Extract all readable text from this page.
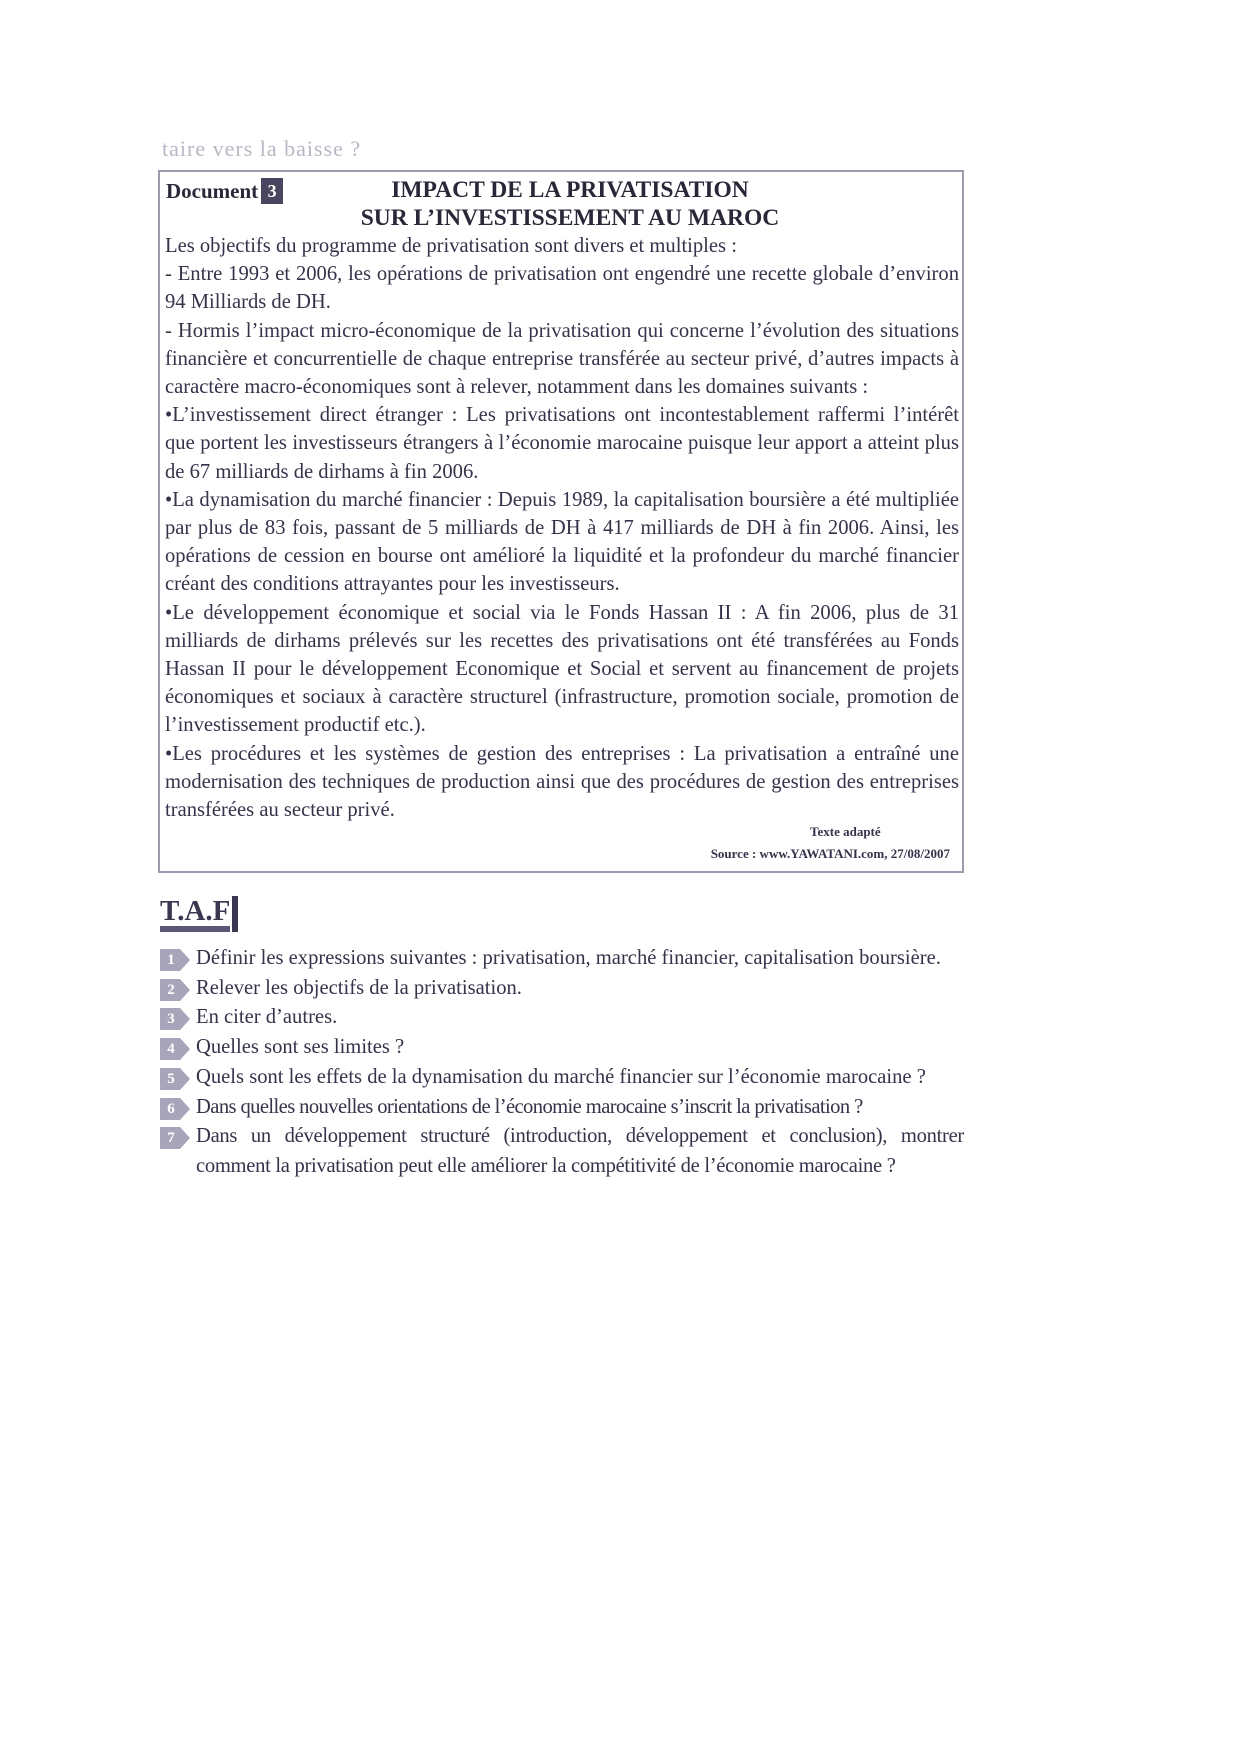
taire vers la baisse ?
Document 3	IMPACT DE LA PRIVATISATION
SUR L’INVESTISSEMENT AU MAROC

Les objectifs du programme de privatisation sont divers et multiples :

- Entre 1993 et 2006, les opérations de privatisation ont engendré une recette globale d’environ 94 Milliards de DH.

- Hormis l’impact micro-économique de la privatisation qui concerne l’évolution des situations financière et concurrentielle de chaque entreprise transférée au secteur privé, d’autres impacts à caractère macro-économiques sont à relever, notamment dans les domaines suivants :

•L’investissement direct étranger : Les privatisations ont incontestablement raffermi l’intérêt que portent les investisseurs étrangers à l’économie marocaine puisque leur apport a atteint plus de 67 milliards de dirhams à fin 2006.

•La dynamisation du marché financier : Depuis 1989, la capitalisation boursière a été multipliée par plus de 83 fois, passant de 5 milliards de DH à 417 milliards de DH à fin 2006. Ainsi, les opérations de cession en bourse ont amélioré la liquidité et la profondeur du marché financier créant des conditions attrayantes pour les investisseurs.

•Le développement économique et social via le Fonds Hassan II : A fin 2006, plus de 31 milliards de dirhams prélevés sur les recettes des privatisations ont été transférées au Fonds Hassan II pour le développement Economique et Social et servent au financement de projets économiques et sociaux à caractère structurel (infrastructure, promotion sociale, promotion de l’investissement productif etc.).

•Les procédures et les systèmes de gestion des entreprises : La privatisation a entraîné une modernisation des techniques de production ainsi que des procédures de gestion des entreprises transférées au secteur privé.

Texte adapté
Source : www.YAWATANI.com, 27/08/2007
T.A.F

1	Définir les expressions suivantes : privatisation, marché financier, capitalisation boursière.

2	Relever les objectifs de la privatisation.

3	En citer d’autres.

4	Quelles sont ses limites ?

5	Quels sont les effets de la dynamisation du marché financier sur l’économie marocaine ?

6	Dans quelles nouvelles orientations de l’économie marocaine s’inscrit la privatisation ?

7	Dans un développement structuré (introduction, développement et conclusion), montrer comment la privatisation peut elle améliorer la compétitivité de l’économie marocaine ?
